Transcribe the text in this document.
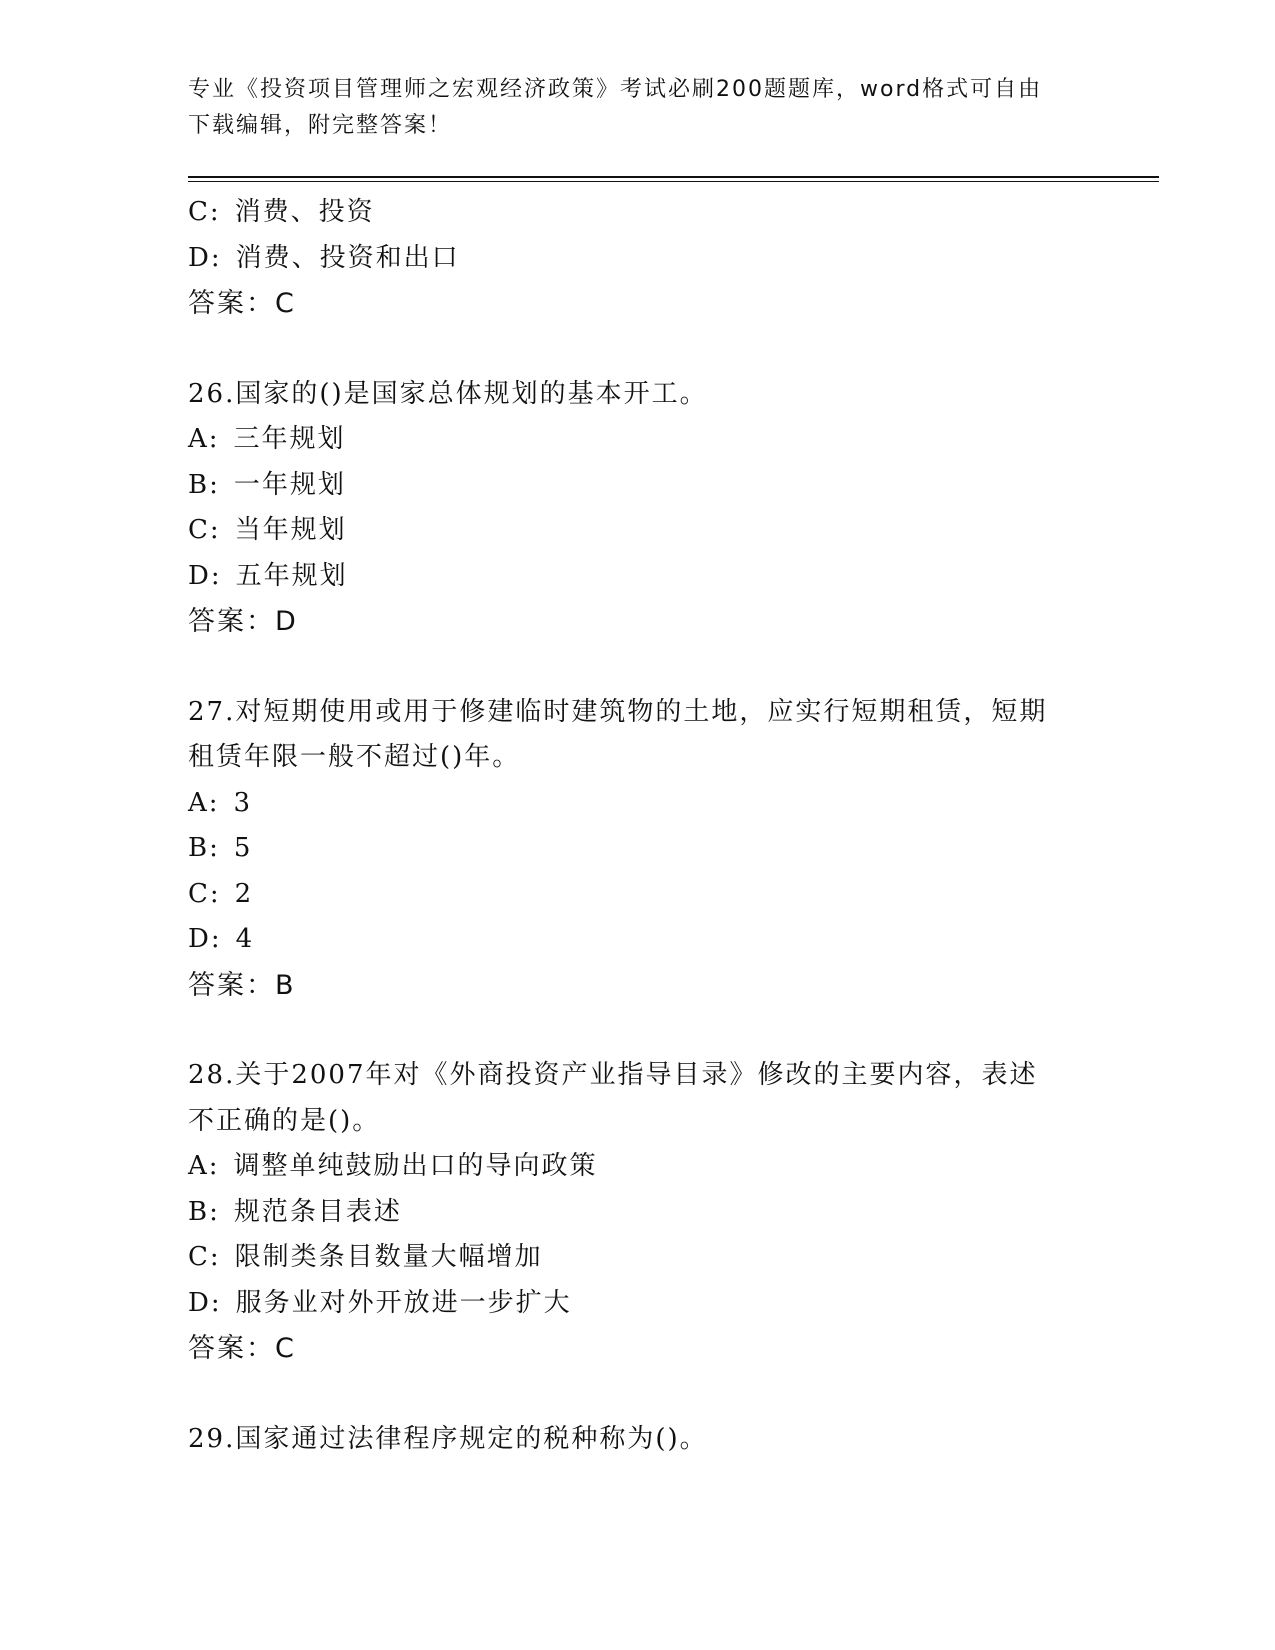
专业《投资项目管理师之宏观经济政策》考试必刷200题题库，word格式可自由
下载编辑，附完整答案！

C: 消费、投资

D: 消费、投资和出口

答案：C

26.国家的()是国家总体规划的基本开工。

A: 三年规划

B: 一年规划

C: 当年规划

D: 五年规划

答案：D

27.对短期使用或用于修建临时建筑物的土地，应实行短期租赁，短期

租赁年限一般不超过()年。

A: 3

B: 5

C: 2

D: 4

答案：B

28.关于2007年对《外商投资产业指导目录》修改的主要内容，表述

不正确的是()。

A: 调整单纯鼓励出口的导向政策

B: 规范条目表述

C: 限制类条目数量大幅增加

D: 服务业对外开放进一步扩大

答案：C

29.国家通过法律程序规定的税种称为()。
